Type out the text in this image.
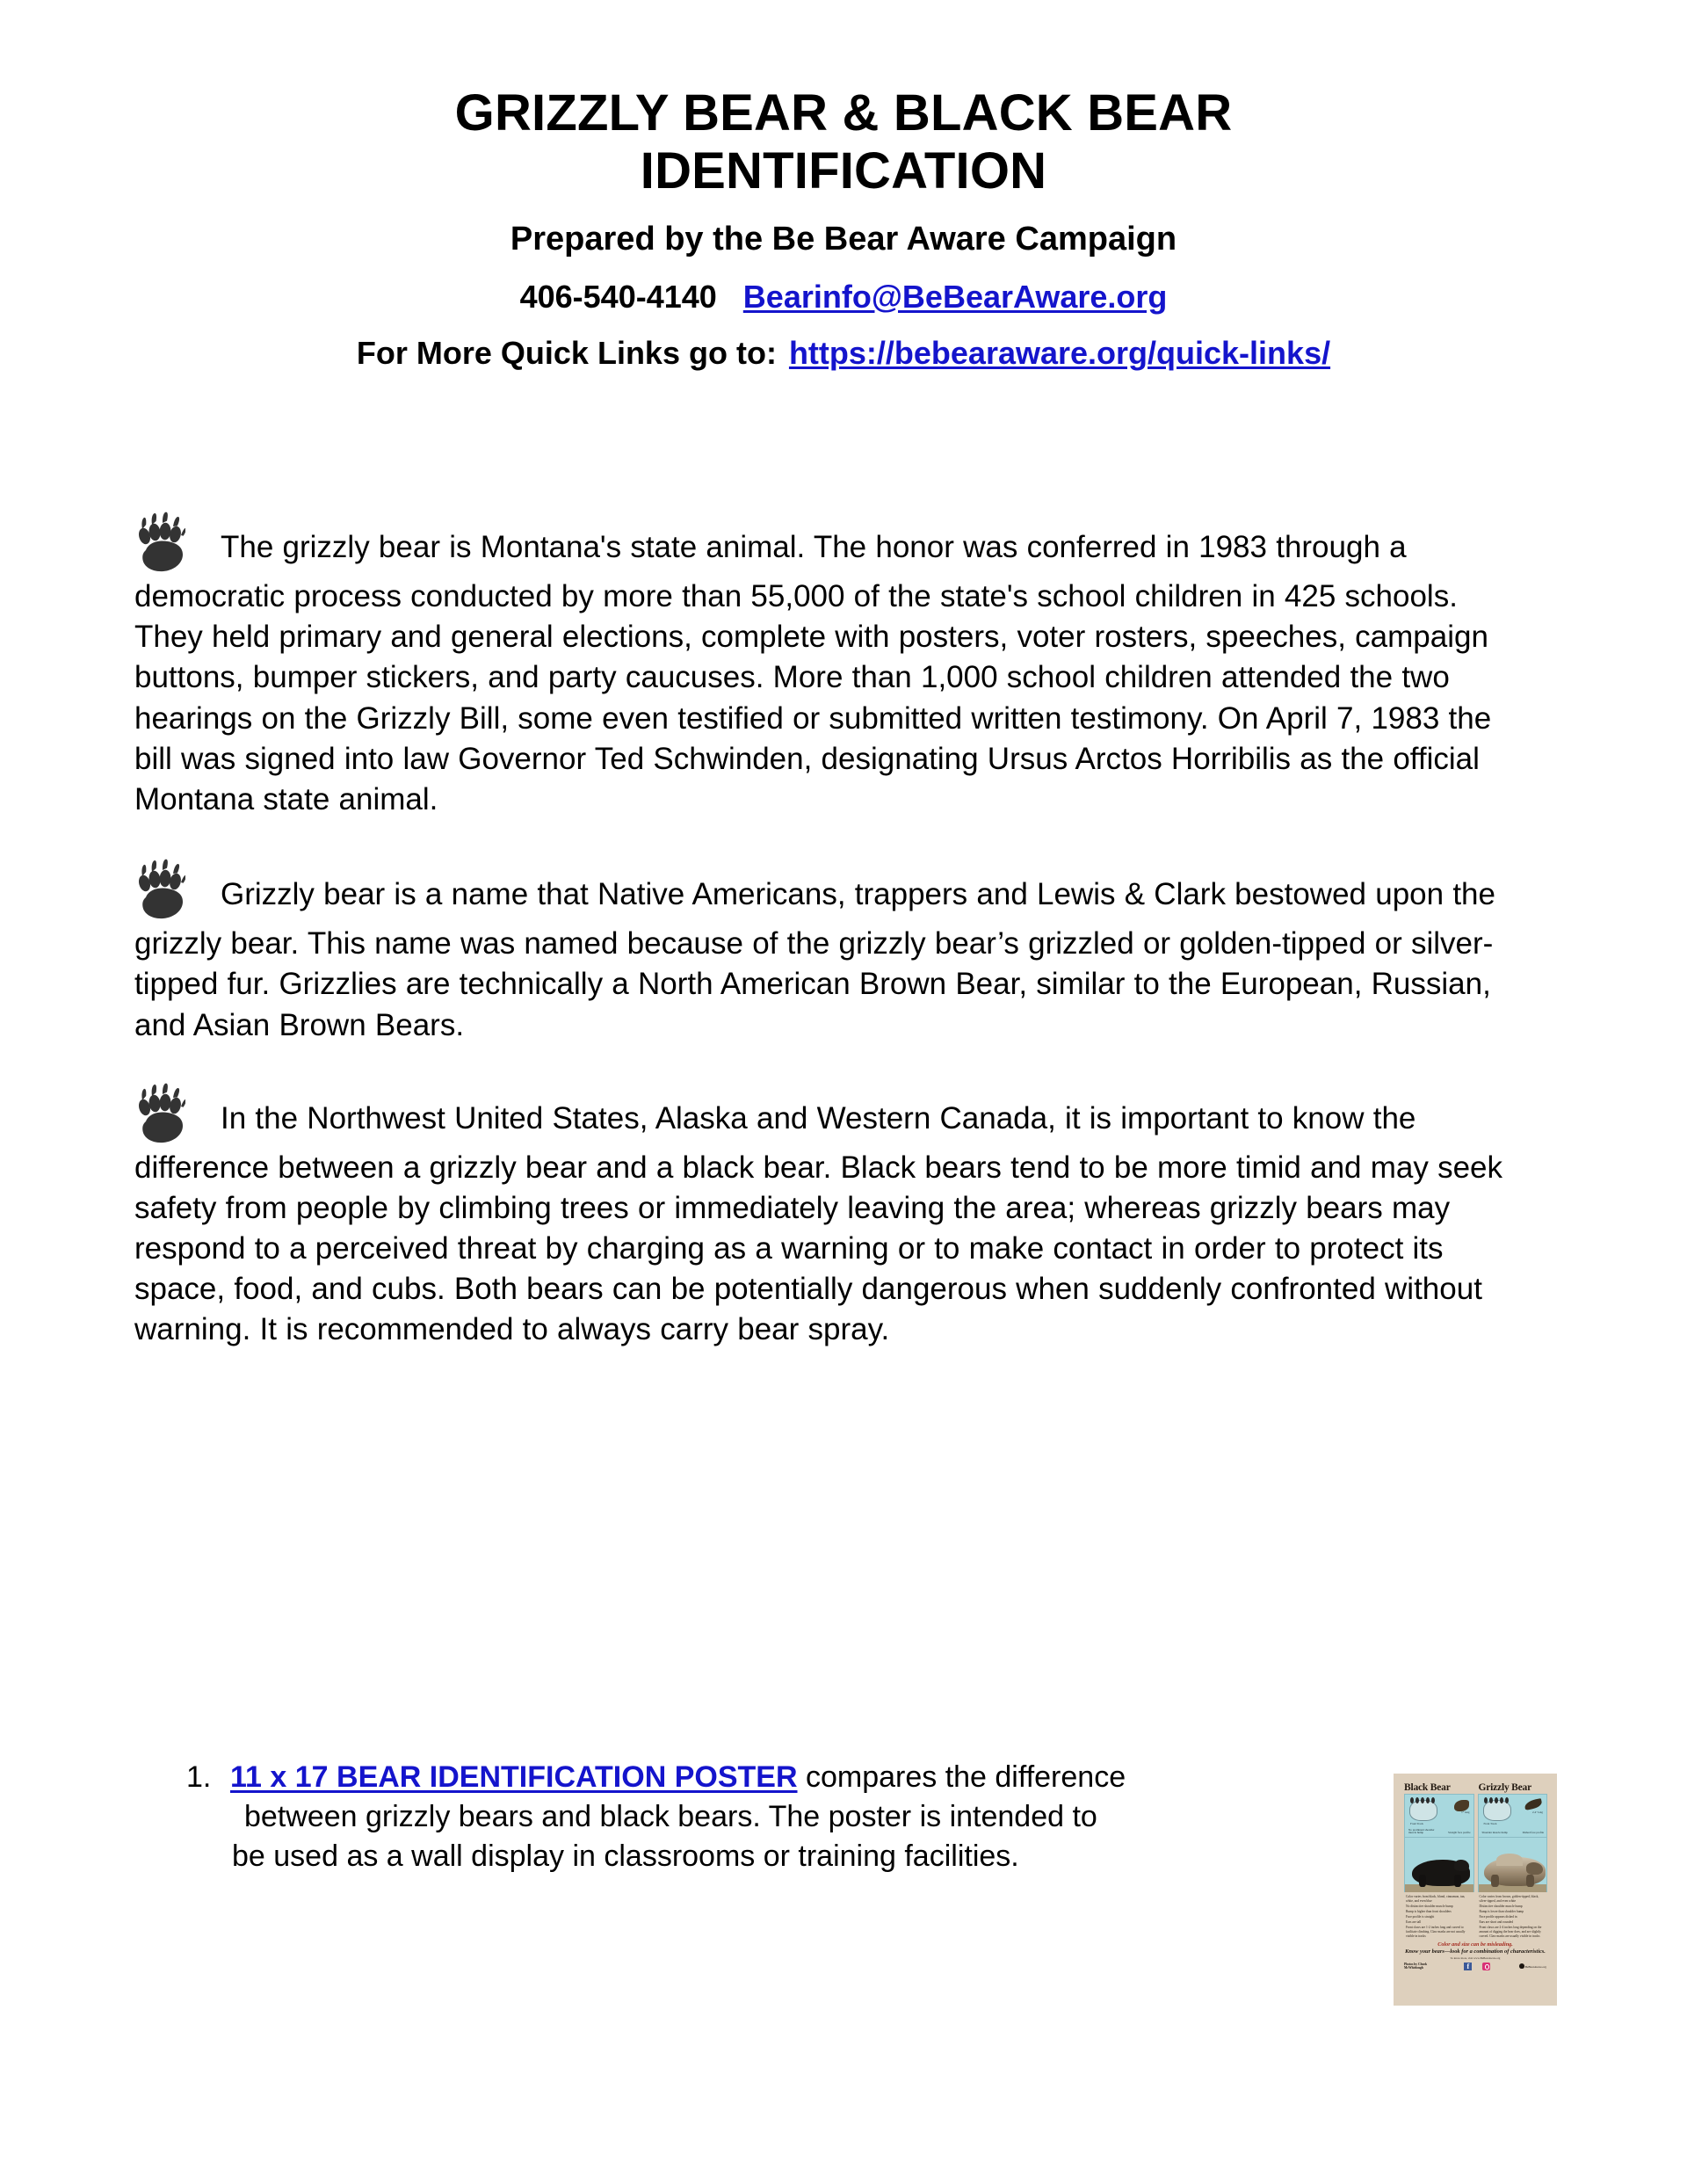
GRIZZLY BEAR & BLACK BEAR
IDENTIFICATION
Prepared by the Be Bear Aware Campaign
406-540-4140 Bearinfo@BeBearAware.org
For More Quick Links go to: https://bebearaware.org/quick-links/

The grizzly bear is Montana's state animal. The honor was conferred in 1983 through a democratic process conducted by more than 55,000 of the state's school children in 425 schools. They held primary and general elections, complete with posters, voter rosters, speeches, campaign buttons, bumper stickers, and party caucuses. More than 1,000 school children attended the two hearings on the Grizzly Bill, some even testified or submitted written testimony. On April 7, 1983 the bill was signed into law Governor Ted Schwinden, designating Ursus Arctos Horribilis as the official Montana state animal.

Grizzly bear is a name that Native Americans, trappers and Lewis & Clark bestowed upon the grizzly bear. This name was named because of the grizzly bear’s grizzled or golden-tipped or silver-tipped fur. Grizzlies are technically a North American Brown Bear, similar to the European, Russian, and Asian Brown Bears.

In the Northwest United States, Alaska and Western Canada, it is important to know the difference between a grizzly bear and a black bear. Black bears tend to be more timid and may seek safety from people by climbing trees or immediately leaving the area; whereas grizzly bears may respond to a perceived threat by charging as a warning or to make contact in order to protect its space, food, and cubs. Both bears can be potentially dangerous when suddenly confronted without warning. It is recommended to always carry bear spray.

1. 11 x 17 BEAR IDENTIFICATION POSTER compares the difference
between grizzly bears and black bears. The poster is intended to
be used as a wall display in classrooms or training facilities.
Black Bear	Grizzly Bear
Front Track
1" long
No prominent shoulder muscle hump	Straight face profile
Color varies from black, blond, cinnamon, tan, white, and even blue
No distinctive shoulder muscle hump
Rump is higher than front shoulders
Face profile is straight
Ears are tall
Front claws are 1-2 inches long and curved to facilitate climbing. Claw marks are not usually visible in tracks
Front Track
2-4" long
Shoulder muscle hump	Dished face profile
Color varies from brown, golden-tipped, black, silver-tipped, and even white
Distinctive shoulder muscle hump
Rump is lower than shoulder hump
Face profile appears dished in
Ears are short and rounded
Front claws are 2-4 inches long depending on the amount of digging the bear does, and are slightly curved. Claw marks are usually visible in tracks
Color and size can be misleading.
Know your bears—look for a combination of characteristics.
To know more, visit www.BeBearAware.org
Photos by Chuck McWhirlough	f	BeBearAware.org
